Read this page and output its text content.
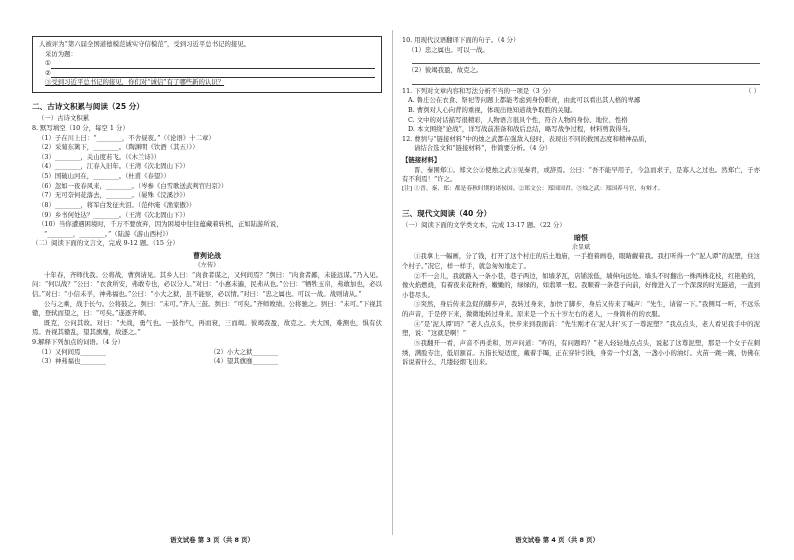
人被评为“第六届全国道德模范诚实守信模范”，受到习近平总书记的接见。
采访为题：
①
②
③受到习近平总书记的接见，你们对“诚信”有了哪些新的认识？
二、古诗文积累与阅读（25 分）
（一）古诗文积累
8. 默写填空（10 分，每空 1 分）
（1）子在川上曰：“________，不舍昼夜。”（《论语》十二章）
（2）采菊东篱下，________。（陶渊明《饮酒（其五）》）
（3）________，关山度若飞。（《木兰诗》）
（4）________，江春入旧年。（王湾《次北固山下》）
（5）国破山河在，________。（杜甫《春望》）
（6）忽如一夜春风来，________。（岑参《白雪歌送武判官归京》）
（7）无可奈何花落去，________。（晏殊《浣溪沙》）
（8）________，将军白发征夫泪。（范仲淹《渔家傲》）
（9）乡书何处达？________。（王湾《次北固山下》）
（10）当你遭遇困境时，千万不要放弃，因为困境中往往蕴藏着转机，正如陆游所说，
“________，________。”（陆游《游山西村》）
（二）阅读下面的文言文，完成 9-12 题。（15 分）
曹刿论战
《左传》
十年春，齐师伐我。公将战，曹刿请见。其乡人曰：“肉食者谋之，又何间焉？”刿曰：“肉食者鄙，未能远谋。”乃入见。问：“何以战？”公曰：“衣食所安，弗敢专也，必以分人。”对曰：“小惠未遍，民弗从也。”公曰：“牺牲玉帛，弗敢加也，必以信。”对曰：“小信未孚，神弗福也。”公曰：“小大之狱，虽不能察，必以情。”对曰：“忠之属也。可以一战。战则请从。”
公与之乘，战于长勺。公将鼓之。刿曰：“未可。”齐人三鼓。刿曰：“可矣。”齐师败绩。公将驰之。刿曰：“未可。”下视其辙，登轼而望之，曰：“可矣。”遂逐齐师。
既克，公问其故。对曰：“夫战，勇气也。一鼓作气，再而衰，三而竭。彼竭我盈，故克之。夫大国，难测也，惧有伏焉。吾视其辙乱，望其旗靡，故逐之。”
9.解释下列加点的词语。（4 分）
（1）又何间焉________	（2）小大之狱________
（3）神弗福也________	（4）望其旗靡________
10. 用现代汉语翻译下面的句子。（4 分）
（1）忠之属也。可以一战。
（2）彼竭我盈，故克之。
11. 下列对文章内容和写法分析不当的一项是（3 分）	（ ）
A. 鲁庄公在衣食、祭祀等问题上都能考虑到身份职责，由此可以看出其人格的卑鄙
B. 曹刿对人心向背的重视，体现出他知道战争取胜的关键。
C. 文中的对话描写很精彩，人物语言很具个性，符合人物的身份、地位、性格
D. 本文围绕“论战”，详写战前准备和战后总结，略写战争过程，材料剪裁得当。
12. 曹刿与“链接材料”中的烛之武都在强敌入侵时，表现出不同的救国态度和精神品质，
请结合选文和“链接材料”，作简要分析。（4 分）
【链接材料】
晋、秦围郑①。郑文公②使烛之武③见秦君，或辞焉。公曰：“吾不能早用子，今急而求子，是寡人之过也。然郑亡，子亦有不利焉！”许之。
[注] ①晋、秦、郑：都是春秋时期的诸侯国。②郑文公：郑国国君。③烛之武：郑国养马官，有辩才。
三、现代文阅读（40 分）
（一）阅读下面的文学类文本，完成 13-17 题。（22 分）
暗恨
余显斌
①我拿上一幅画，分了钱，打开了这个村庄的后土地庙，一手抱着画卷，眼睛觑着我。我打听得一个“泥人谭”的泥塑，住这个村子。”况它，样一样手，就急匆匆地走了。
②不一会儿，我就路入一条小巷，巷子两边，如墙茅瓦，店铺浓低，墙伸向远处。墙头不时翻出一株两株花枝，红艳艳的，像火焰燃烧，有着夜来花粉香，嫩嫩的，绿绿的，如翡翠一般。我顺着一条巷子向前，好像进入了一个深深的时光隧道，一直到小巷尽头。
③突然，身后传来急促的脚步声，我转过身来，加快了脚步，身后又传来了喊声：“先生，请留一下。”我侧耳一听，不远乐的声音，于是停下来，微微地转过身来。原来是一个五十岁左右的老人，一身简朴的的衣服。
④“是‘泥人谭’吗？”老人点点头，快步来到我面前：“先生刚才在‘泥人轩’买了一尊泥塑？”我点点头，老人看见我手中的泥塑，说：“这就是啊！”
⑤我翻开一看，声音不再柔和，厉声问道：“咋的，有问题吗？”老人轻轻地点点头，说起了这尊泥塑，那是一个女子在刺绣，满脸专注，低眉颔首。五指长短适度，戴着手镯，正在穿针引线，身旁一个灯盏，一盏小小的油灯。火苗一跳一跳，仿佛在诉说着什么，几缕轻烟飞出来。
语文试卷 第 3 页（共 8 页）	语文试卷 第 4 页（共 8 页）
